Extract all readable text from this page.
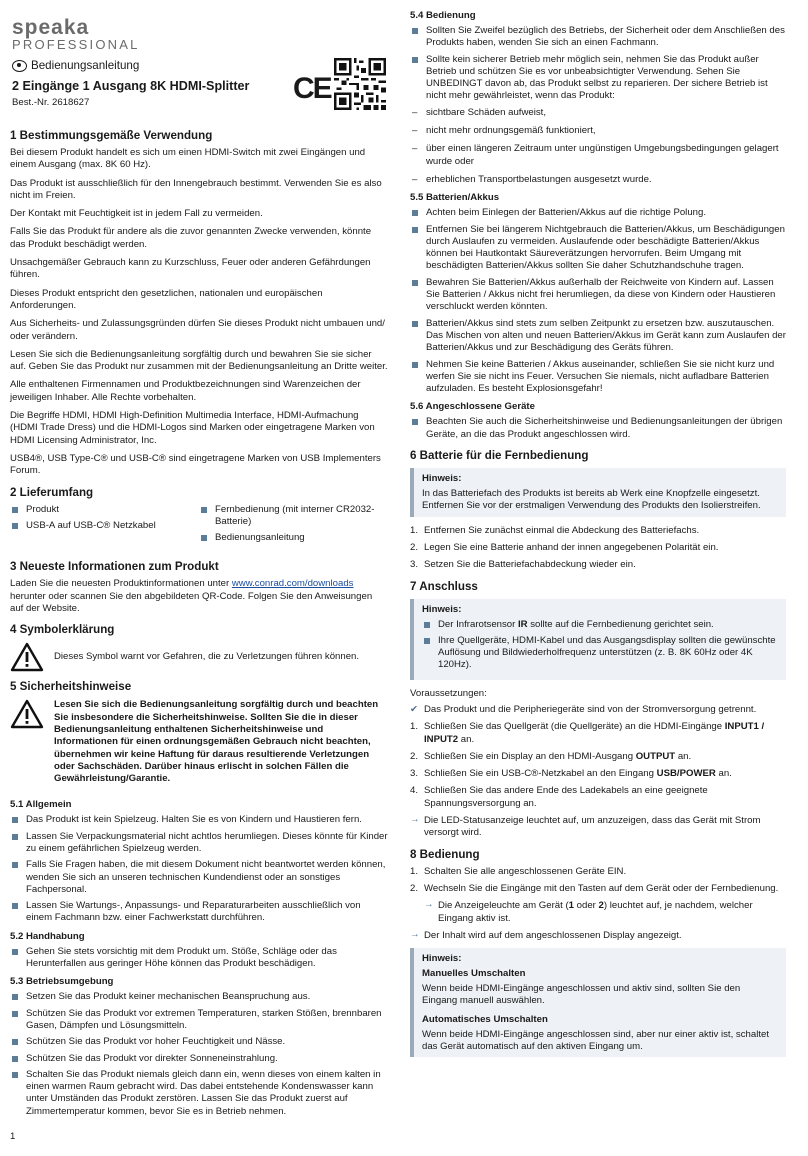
speaka
PROFESSIONAL
Bedienungsanleitung
2 Eingänge 1 Ausgang 8K HDMI-Splitter
Best.-Nr. 2618627	CE
1 Bestimmungsgemäße Verwendung

Bei diesem Produkt handelt es sich um einen HDMI-Switch mit zwei Eingängen und einem Ausgang (max. 8K 60 Hz).

Das Produkt ist ausschließlich für den Innengebrauch bestimmt. Verwenden Sie es also nicht im Freien.

Der Kontakt mit Feuchtigkeit ist in jedem Fall zu vermeiden.

Falls Sie das Produkt für andere als die zuvor genannten Zwecke verwenden, könnte das Produkt beschädigt werden.

Unsachgemäßer Gebrauch kann zu Kurzschluss, Feuer oder anderen Gefährdungen führen.

Dieses Produkt entspricht den gesetzlichen, nationalen und europäischen Anforderungen.

Aus Sicherheits- und Zulassungsgründen dürfen Sie dieses Produkt nicht umbauen und/ oder verändern.

Lesen Sie sich die Bedienungsanleitung sorgfältig durch und bewahren Sie sie sicher auf. Geben Sie das Produkt nur zusammen mit der Bedienungsanleitung an Dritte weiter.

Alle enthaltenen Firmennamen und Produktbezeichnungen sind Warenzeichen der jeweiligen Inhaber. Alle Rechte vorbehalten.

Die Begriffe HDMI, HDMI High-Definition Multimedia Interface, HDMI-Aufmachung (HDMI Trade Dress) und die HDMI-Logos sind Marken oder eingetragene Marken von HDMI Licensing Administrator, Inc.

USB4®, USB Type-C® und USB-C® sind eingetragene Marken von USB Implementers Forum.

2 Lieferumfang
Produkt
USB-A auf USB-C® Netzkabel
Fernbedienung (mit interner CR2032-Batterie)
Bedienungsanleitung
3 Neueste Informationen zum Produkt

Laden Sie die neuesten Produktinformationen unter www.conrad.com/downloads herunter oder scannen Sie den abgebildeten QR-Code. Folgen Sie den Anweisungen auf der Website.

4 Symbolerklärung

Dieses Symbol warnt vor Gefahren, die zu Verletzungen führen können.

5 Sicherheitshinweise

Lesen Sie sich die Bedienungsanleitung sorgfältig durch und beachten Sie insbesondere die Sicherheitshinweise. Sollten Sie die in dieser Bedienungsanleitung enthaltenen Sicherheitshinweise und Informationen für einen ordnungsgemäßen Gebrauch nicht beachten, übernehmen wir keine Haftung für daraus resultierende Verletzungen oder Sachschäden. Darüber hinaus erlischt in solchen Fällen die Gewährleistung/Garantie.

5.1 Allgemein
Das Produkt ist kein Spielzeug. Halten Sie es von Kindern und Haustieren fern.
Lassen Sie Verpackungsmaterial nicht achtlos herumliegen. Dieses könnte für Kinder zu einem gefährlichen Spielzeug werden.
Falls Sie Fragen haben, die mit diesem Dokument nicht beantwortet werden können, wenden Sie sich an unseren technischen Kundendienst oder an sonstiges Fachpersonal.
Lassen Sie Wartungs-, Anpassungs- und Reparaturarbeiten ausschließlich von einem Fachmann bzw. einer Fachwerkstatt durchführen.
5.2 Handhabung
Gehen Sie stets vorsichtig mit dem Produkt um. Stöße, Schläge oder das Herunterfallen aus geringer Höhe können das Produkt beschädigen.
5.3 Betriebsumgebung
Setzen Sie das Produkt keiner mechanischen Beanspruchung aus.
Schützen Sie das Produkt vor extremen Temperaturen, starken Stößen, brennbaren Gasen, Dämpfen und Lösungsmitteln.
Schützen Sie das Produkt vor hoher Feuchtigkeit und Nässe.
Schützen Sie das Produkt vor direkter Sonneneinstrahlung.
Schalten Sie das Produkt niemals gleich dann ein, wenn dieses von einem kalten in einen warmen Raum gebracht wird. Das dabei entstehende Kondenswasser kann unter Umständen das Produkt zerstören. Lassen Sie das Produkt zuerst auf Zimmertemperatur kommen, bevor Sie es in Betrieb nehmen.
5.4 Bedienung
Sollten Sie Zweifel bezüglich des Betriebs, der Sicherheit oder dem Anschließen des Produkts haben, wenden Sie sich an einen Fachmann.
Sollte kein sicherer Betrieb mehr möglich sein, nehmen Sie das Produkt außer Betrieb und schützen Sie es vor unbeabsichtigter Verwendung. Sehen Sie UNBEDINGT davon ab, das Produkt selbst zu reparieren. Der sichere Betrieb ist nicht mehr gewährleistet, wenn das Produkt:
– sichtbare Schäden aufweist,
– nicht mehr ordnungsgemäß funktioniert,
– über einen längeren Zeitraum unter ungünstigen Umgebungsbedingungen gelagert wurde oder
– erheblichen Transportbelastungen ausgesetzt wurde.
5.5 Batterien/Akkus
Achten beim Einlegen der Batterien/Akkus auf die richtige Polung.
Entfernen Sie bei längerem Nichtgebrauch die Batterien/Akkus, um Beschädigungen durch Auslaufen zu vermeiden. Auslaufende oder beschädigte Batterien/Akkus können bei Hautkontakt Säureverätzungen hervorrufen. Beim Umgang mit beschädigten Batterien/Akkus sollten Sie daher Schutzhandschuhe tragen.
Bewahren Sie Batterien/Akkus außerhalb der Reichweite von Kindern auf. Lassen Sie Batterien / Akkus nicht frei herumliegen, da diese von Kindern oder Haustieren verschluckt werden könnten.
Batterien/Akkus sind stets zum selben Zeitpunkt zu ersetzen bzw. auszutauschen. Das Mischen von alten und neuen Batterien/Akkus im Gerät kann zum Auslaufen der Batterien/Akkus und zur Beschädigung des Geräts führen.
Nehmen Sie keine Batterien / Akkus auseinander, schließen Sie sie nicht kurz und werfen Sie sie nicht ins Feuer. Versuchen Sie niemals, nicht aufladbare Batterien aufzuladen. Es besteht Explosionsgefahr!
5.6 Angeschlossene Geräte
Beachten Sie auch die Sicherheitshinweise und Bedienungsanleitungen der übrigen Geräte, an die das Produkt angeschlossen wird.
6 Batterie für die Fernbedienung
Hinweis:

In das Batteriefach des Produkts ist bereits ab Werk eine Knopfzelle eingesetzt. Entfernen Sie vor der erstmaligen Verwendung des Produkts den Isolierstreifen.

1. Entfernen Sie zunächst einmal die Abdeckung des Batteriefachs.
2. Legen Sie eine Batterie anhand der innen angegebenen Polarität ein.
3. Setzen Sie die Batteriefachabdeckung wieder ein.
7 Anschluss
Hinweis:
Der Infrarotsensor IR sollte auf die Fernbedienung gerichtet sein.
Ihre Quellgeräte, HDMI-Kabel und das Ausgangsdisplay sollten die gewünschte Auflösung und Bildwiederholfrequenz unterstützen (z. B. 8K 60Hz oder 4K 120Hz).

Voraussetzungen:

✔ Das Produkt und die Peripheriegeräte sind von der Stromversorgung getrennt.
1. Schließen Sie das Quellgerät (die Quellgeräte) an die HDMI-Eingänge INPUT1 / INPUT2 an.
2. Schließen Sie ein Display an den HDMI-Ausgang OUTPUT an.
3. Schließen Sie ein USB-C®-Netzkabel an den Eingang USB/POWER an.
4. Schließen Sie das andere Ende des Ladekabels an eine geeignete Spannungsversorgung an.
→ Die LED-Statusanzeige leuchtet auf, um anzuzeigen, dass das Gerät mit Strom versorgt wird.
8 Bedienung
1. Schalten Sie alle angeschlossenen Geräte EIN.
2. Wechseln Sie die Eingänge mit den Tasten auf dem Gerät oder der Fernbedienung.
→ Die Anzeigeleuchte am Gerät (1 oder 2) leuchtet auf, je nachdem, welcher Eingang aktiv ist.
→ Der Inhalt wird auf dem angeschlossenen Display angezeigt.
Hinweis:
Manuelles Umschalten

Wenn beide HDMI-Eingänge angeschlossen und aktiv sind, sollten Sie den Eingang manuell auswählen.

Automatisches Umschalten

Wenn beide HDMI-Eingänge angeschlossen sind, aber nur einer aktiv ist, schaltet das Gerät automatisch auf den aktiven Eingang um.

1
